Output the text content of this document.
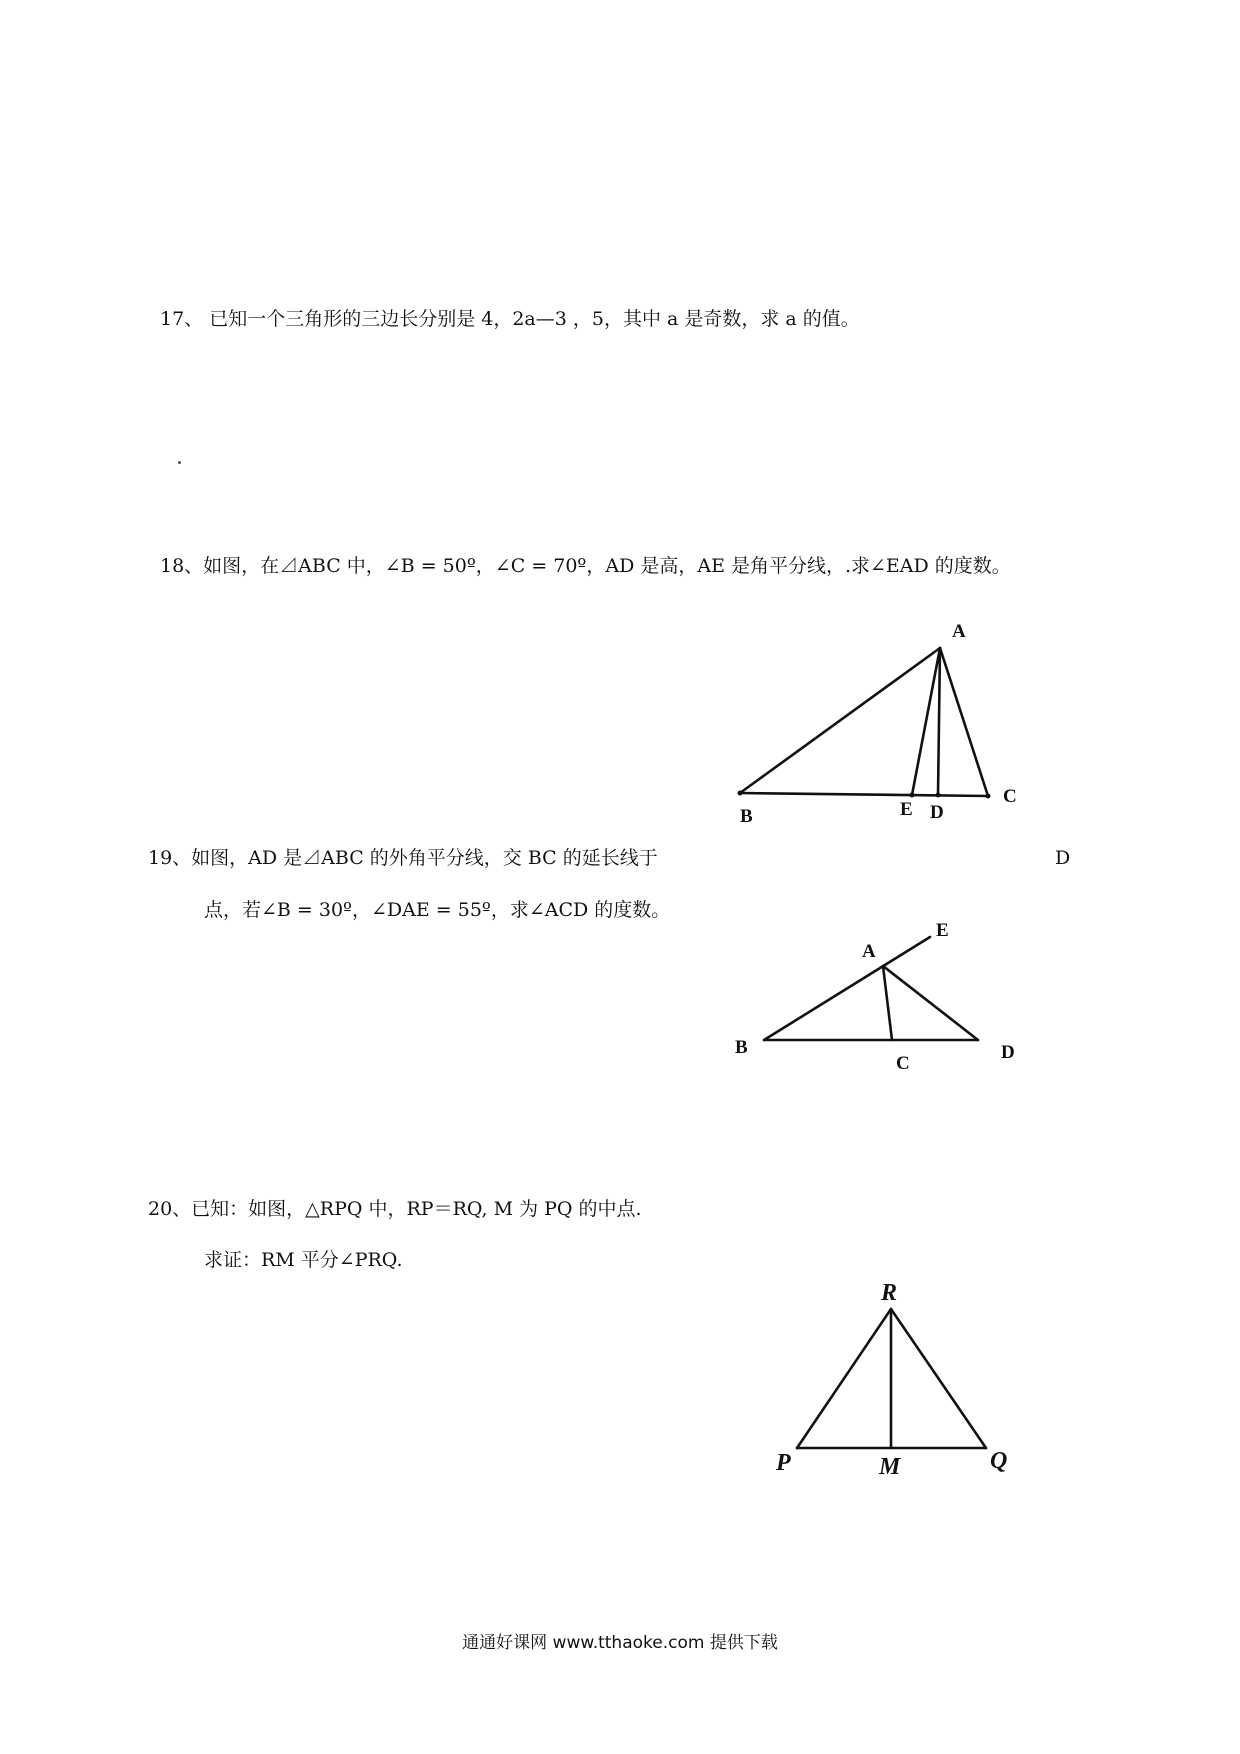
17、 已知一个三角形的三边长分别是 4，2a—3 ，5，其中 a 是奇数，求 a 的值。
18、如图，在⊿ABC 中，∠B = 50º，∠C = 70º，AD 是高，AE 是角平分线，.求∠EAD 的度数。
A
B	E D
C
19、如图，AD 是⊿ABC 的外角平分线，交 BC 的延长线于	D
点，若∠B = 30º，∠DAE = 55º，求∠ACD 的度数。
E
A
B
C
D
20、已知：如图，△RPQ 中，RP＝RQ, M 为 PQ 的中点.
求证：RM 平分∠PRQ.
R
P	M	Q
通通好课网 www.tthaoke.com 提供下载
